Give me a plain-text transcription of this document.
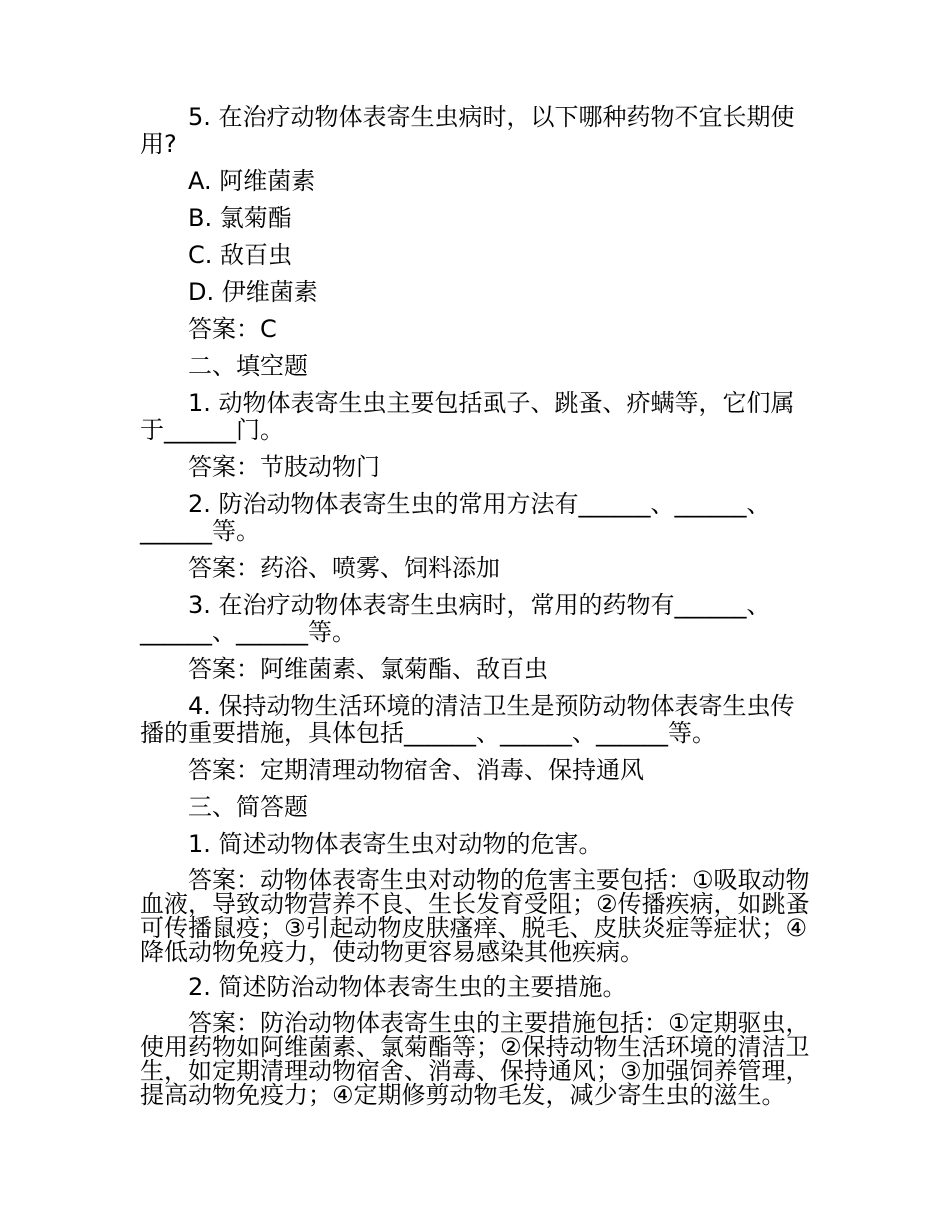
5. 在治疗动物体表寄生虫病时，以下哪种药物不宜长期使用?

A. 阿维菌素

B. 氯菊酯

C. 敌百虫

D. 伊维菌素

答案：C

二、填空题

1. 动物体表寄生虫主要包括虱子、跳蚤、疥螨等，它们属于______门。

答案：节肢动物门

2. 防治动物体表寄生虫的常用方法有______、______、______等。

答案：药浴、喷雾、饲料添加

3. 在治疗动物体表寄生虫病时，常用的药物有______、______、______等。

答案：阿维菌素、氯菊酯、敌百虫

4. 保持动物生活环境的清洁卫生是预防动物体表寄生虫传播的重要措施，具体包括______、______、______等。

答案：定期清理动物宿舍、消毒、保持通风

三、简答题

1. 简述动物体表寄生虫对动物的危害。

答案：动物体表寄生虫对动物的危害主要包括：①吸取动物血液，导致动物营养不良、生长发育受阻；②传播疾病，如跳蚤可传播鼠疫；③引起动物皮肤瘙痒、脱毛、皮肤炎症等症状；④降低动物免疫力，使动物更容易感染其他疾病。

2. 简述防治动物体表寄生虫的主要措施。

答案：防治动物体表寄生虫的主要措施包括：①定期驱虫，使用药物如阿维菌素、氯菊酯等；②保持动物生活环境的清洁卫生，如定期清理动物宿舍、消毒、保持通风；③加强饲养管理，提高动物免疫力；④定期修剪动物毛发，减少寄生虫的滋生。
